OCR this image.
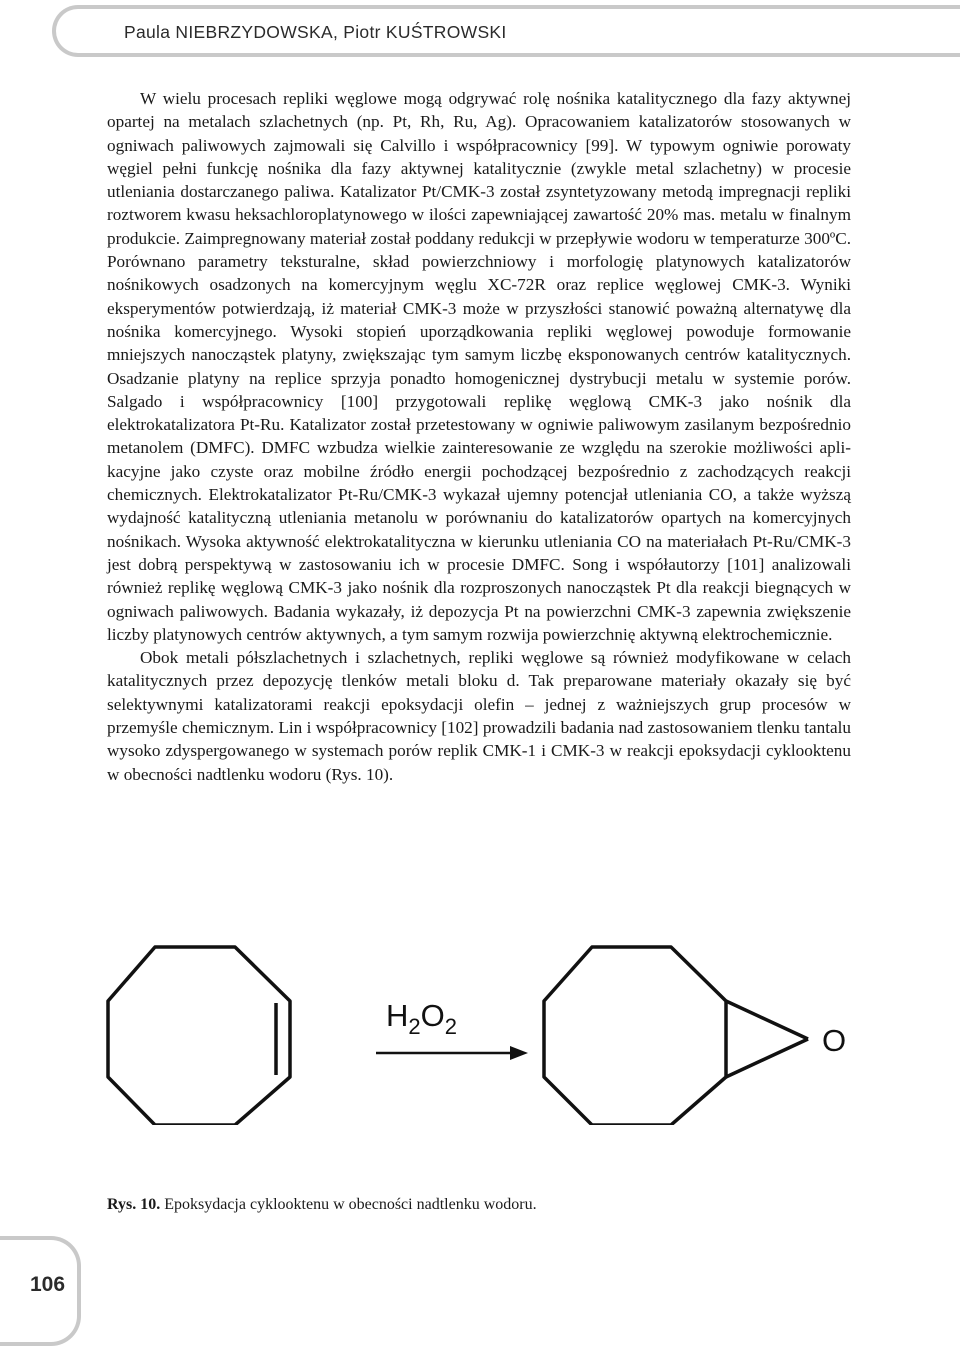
Paula NIEBRZYDOWSKA, Piotr KUŚTROWSKI

W wielu procesach repliki węglowe mogą odgrywać rolę nośnika katalitycznego dla fazy aktywnej opartej na metalach szlachetnych (np. Pt, Rh, Ru, Ag). Opracowaniem katalizatorów stosowanych w ogniwach paliwowych zajmowali się Calvillo i współpracownicy [99]. W typowym ogniwie porowaty węgiel pełni funkcję nośnika dla fazy aktywnej katalitycznie (zwykle metal szlachetny) w procesie utleniania dostarczanego paliwa. Katalizator Pt/CMK-3 został zsyntetyzowany metodą impregnacji repliki roztworem kwasu heksachloroplatynowego w ilości zapewniającej zawartość 20% mas. metalu w finalnym produkcie. Zaimpregnowany materiał został poddany redukcji w przepływie wodoru w temperaturze 300ºC. Porównano parametry teksturalne, skład powierzchniowy i morfologię platynowych katalizatorów nośnikowych osadzonych na komercyjnym węglu XC-72R oraz replice węglowej CMK-3. Wyniki eksperymentów potwierdzają, iż materiał CMK-3 może w przyszłości stanowić poważną alternatywę dla nośnika komercyjnego. Wysoki stopień uporządkowania repliki węglowej powoduje formowanie mniejszych nanocząstek platyny, zwiększając tym samym liczbę eksponowanych centrów katalitycznych. Osadzanie platyny na replice sprzyja ponadto homogenicznej dystrybucji metalu w systemie porów. Salgado i współpracownicy [100] przygotowali replikę węglową CMK-3 jako nośnik dla elektrokatalizatora Pt-Ru. Katalizator został przetestowany w ogniwie paliwowym zasilanym bezpośrednio metanolem (DMFC). DMFC wzbudza wielkie zainteresowanie ze względu na szerokie możliwości aplikacyjne jako czyste oraz mobilne źródło energii pochodzącej bezpośrednio z zachodzących reakcji chemicznych. Elektrokatalizator Pt-Ru/CMK-3 wykazał ujemny potencjał utleniania CO, a także wyższą wydajność katalityczną utleniania metanolu w porównaniu do katalizatorów opartych na komercyjnych nośnikach. Wysoka aktywność elektrokatalityczna w kierunku utleniania CO na materiałach Pt-Ru/CMK-3 jest dobrą perspektywą w zastosowaniu ich w procesie DMFC. Song i współautorzy [101] analizowali również replikę węglową CMK-3 jako nośnik dla rozproszonych nanocząstek Pt dla reakcji biegnących w ogniwach paliwowych. Badania wykazały, iż depozycja Pt na powierzchni CMK-3 zapewnia zwiększenie liczby platynowych centrów aktywnych, a tym samym rozwija powierzchnię aktywną elektrochemicznie.

Obok metali półszlachetnych i szlachetnych, repliki węglowe są również modyfikowane w celach katalitycznych przez depozycję tlenków metali bloku d. Tak preparowane materiały okazały się być selektywnymi katalizatorami reakcji epoksydacji olefin – jednej z ważniejszych grup procesów w przemyśle chemicznym. Lin i współpracownicy [102] prowadzili badania nad zastosowaniem tlenku tantalu wysoko zdyspergowanego w systemach porów replik CMK-1 i CMK-3 w reakcji epoksydacji cyklooktenu w obecności nadtlenku wodoru (Rys. 10).

H2O2	O
Rys. 10. Epoksydacja cyklooktenu w obecności nadtlenku wodoru.
106
